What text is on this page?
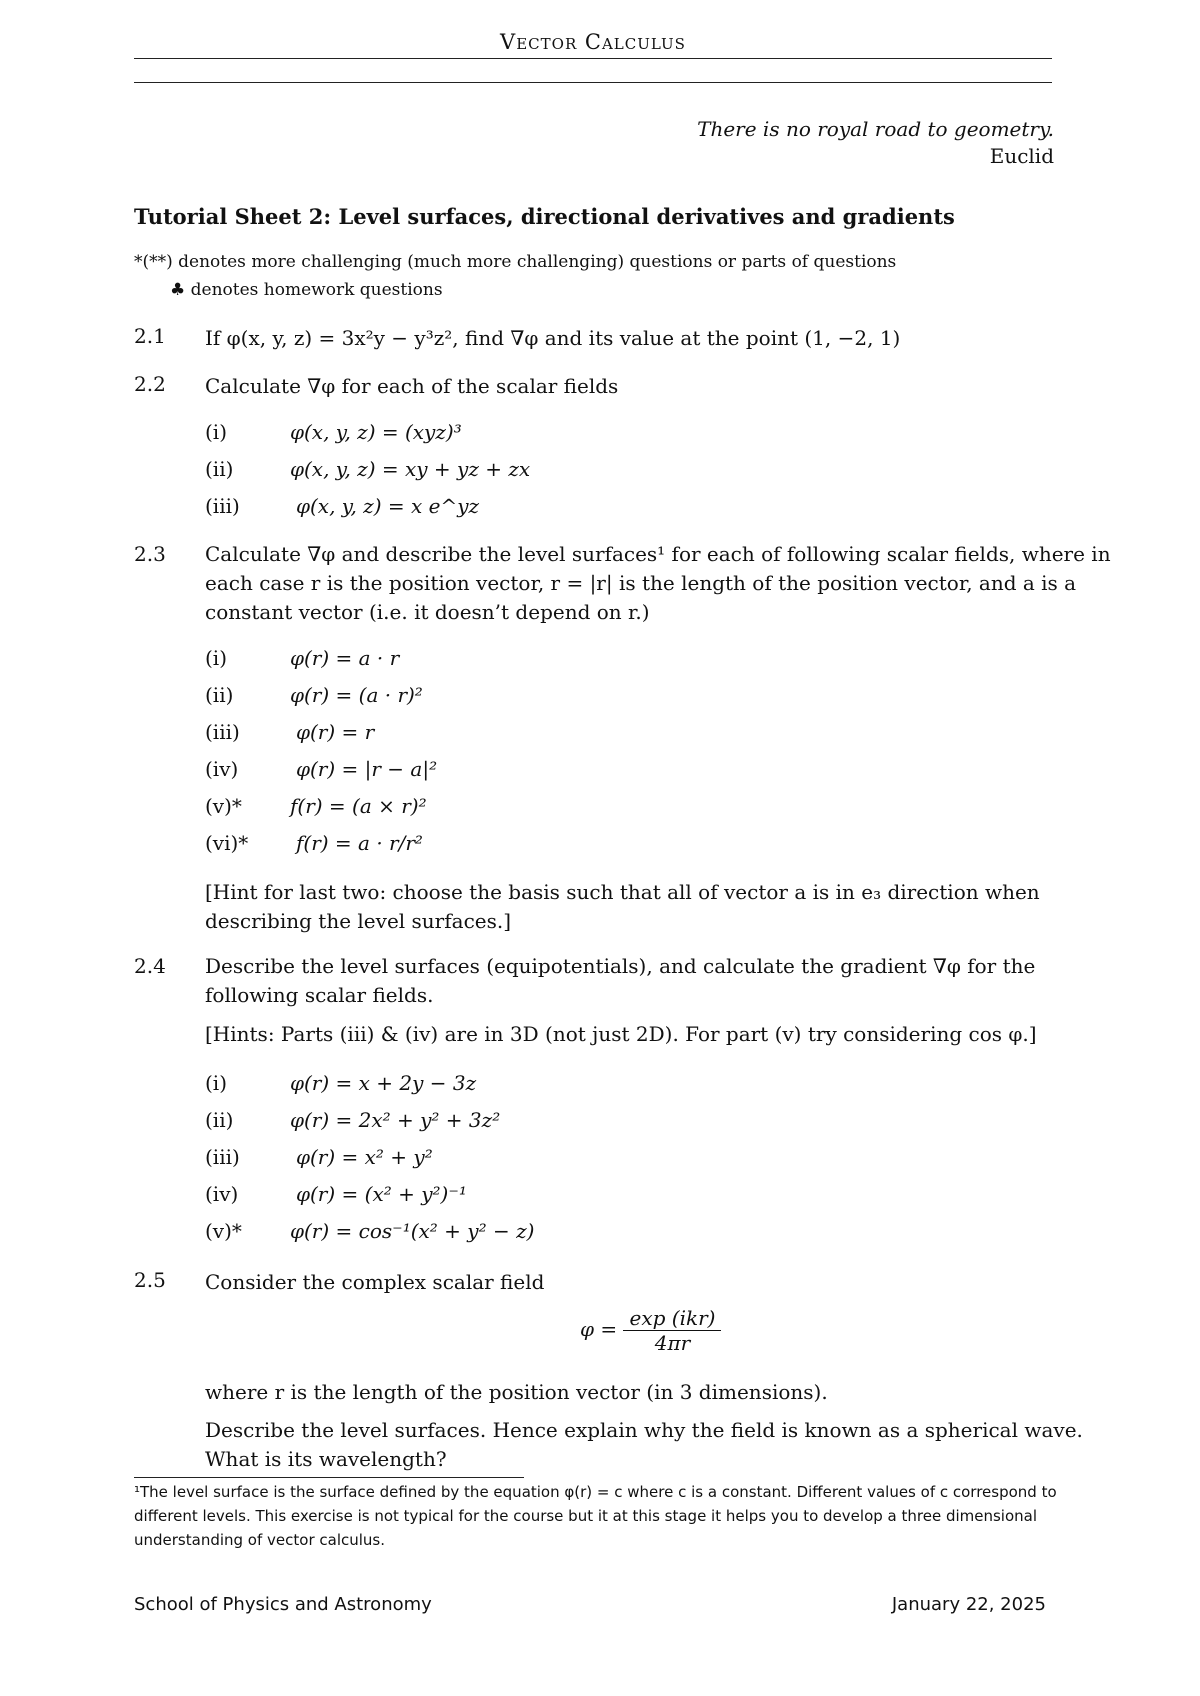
Vector Calculus
There is no royal road to geometry.
Euclid
Tutorial Sheet 2: Level surfaces, directional derivatives and gradients
*(**) denotes more challenging (much more challenging) questions or parts of questions
♣ denotes homework questions
2.1 If φ(x, y, z) = 3x²y − y³z², find ∇φ and its value at the point (1, −2, 1)
2.2 Calculate ∇φ for each of the scalar fields
(i)	φ(x, y, z) = (xyz)³
(ii)	φ(x, y, z) = xy + yz + zx
(iii)	φ(x, y, z) = x e^yz
2.3 Calculate ∇φ and describe the level surfaces¹ for each of following scalar fields, where in each case r is the position vector, r = |r| is the length of the position vector, and a is a constant vector (i.e. it doesn’t depend on r.)
(i)	φ(r) = a · r
(ii)	φ(r) = (a · r)²
(iii)	φ(r) = r
(iv)	φ(r) = |r − a|²
(v)* f(r) = (a × r)²
(vi)* f(r) = a · r/r²
[Hint for last two: choose the basis such that all of vector a is in e₃ direction when describing the level surfaces.]
2.4 Describe the level surfaces (equipotentials), and calculate the gradient ∇φ for the following scalar fields.
[Hints: Parts (iii) & (iv) are in 3D (not just 2D). For part (v) try considering cos φ.]
(i)	φ(r) = x + 2y − 3z
(ii)	φ(r) = 2x² + y² + 3z²
(iii)	φ(r) = x² + y²
(iv)	φ(r) = (x² + y²)⁻¹
(v)* φ(r) = cos⁻¹(x² + y² − z)
2.5 Consider the complex scalar field
$\varphi = \frac{\text{exp (ikr)}}{4\pi r}$
where r is the length of the position vector (in 3 dimensions).
Describe the level surfaces. Hence explain why the field is known as a spherical wave. What is its wavelength?
¹The level surface is the surface defined by the equation φ(r) = c where c is a constant. Different values of c correspond to different levels. This exercise is not typical for the course but it at this stage it helps you to develop a three dimensional understanding of vector calculus.
School of Physics and Astronomy	January 22, 2025
